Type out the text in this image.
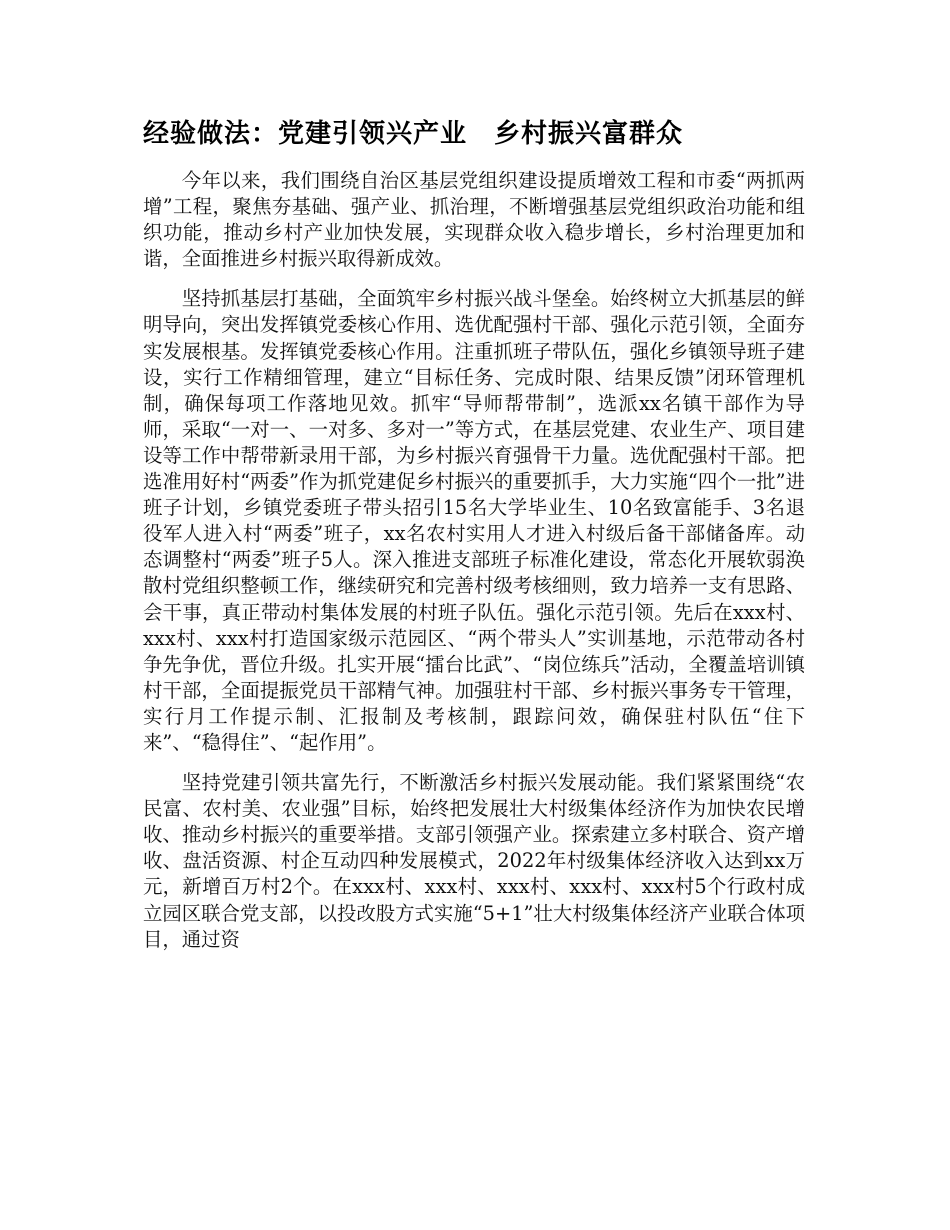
经验做法：党建引领兴产业　乡村振兴富群众

今年以来，我们围绕自治区基层党组织建设提质增效工程和市委“两抓两增”工程，聚焦夯基础、强产业、抓治理，不断增强基层党组织政治功能和组织功能，推动乡村产业加快发展，实现群众收入稳步增长，乡村治理更加和谐，全面推进乡村振兴取得新成效。

坚持抓基层打基础，全面筑牢乡村振兴战斗堡垒。始终树立大抓基层的鲜明导向，突出发挥镇党委核心作用、选优配强村干部、强化示范引领，全面夯实发展根基。发挥镇党委核心作用。注重抓班子带队伍，强化乡镇领导班子建设，实行工作精细管理，建立“目标任务、完成时限、结果反馈”闭环管理机制，确保每项工作落地见效。抓牢“导师帮带制”，选派xx名镇干部作为导师，采取“一对一、一对多、多对一”等方式，在基层党建、农业生产、项目建设等工作中帮带新录用干部，为乡村振兴育强骨干力量。选优配强村干部。把选准用好村“两委”作为抓党建促乡村振兴的重要抓手，大力实施“四个一批”进班子计划，乡镇党委班子带头招引15名大学毕业生、10名致富能手、3名退役军人进入村“两委”班子，xx名农村实用人才进入村级后备干部储备库。动态调整村“两委”班子5人。深入推进支部班子标准化建设，常态化开展软弱涣散村党组织整顿工作，继续研究和完善村级考核细则，致力培养一支有思路、会干事，真正带动村集体发展的村班子队伍。强化示范引领。先后在xxx村、xxx村、xxx村打造国家级示范园区、“两个带头人”实训基地，示范带动各村争先争优，晋位升级。扎实开展“擂台比武”、“岗位练兵”活动，全覆盖培训镇村干部，全面提振党员干部精气神。加强驻村干部、乡村振兴事务专干管理，实行月工作提示制、汇报制及考核制，跟踪问效，确保驻村队伍“住下来”、“稳得住”、“起作用”。

坚持党建引领共富先行，不断激活乡村振兴发展动能。我们紧紧围绕“农民富、农村美、农业强”目标，始终把发展壮大村级集体经济作为加快农民增收、推动乡村振兴的重要举措。支部引领强产业。探索建立多村联合、资产增收、盘活资源、村企互动四种发展模式，2022年村级集体经济收入达到xx万元，新增百万村2个。在xxx村、xxx村、xxx村、xxx村、xxx村5个行政村成立园区联合党支部，以投改股方式实施“5+1”壮大村级集体经济产业联合体项目，通过资
